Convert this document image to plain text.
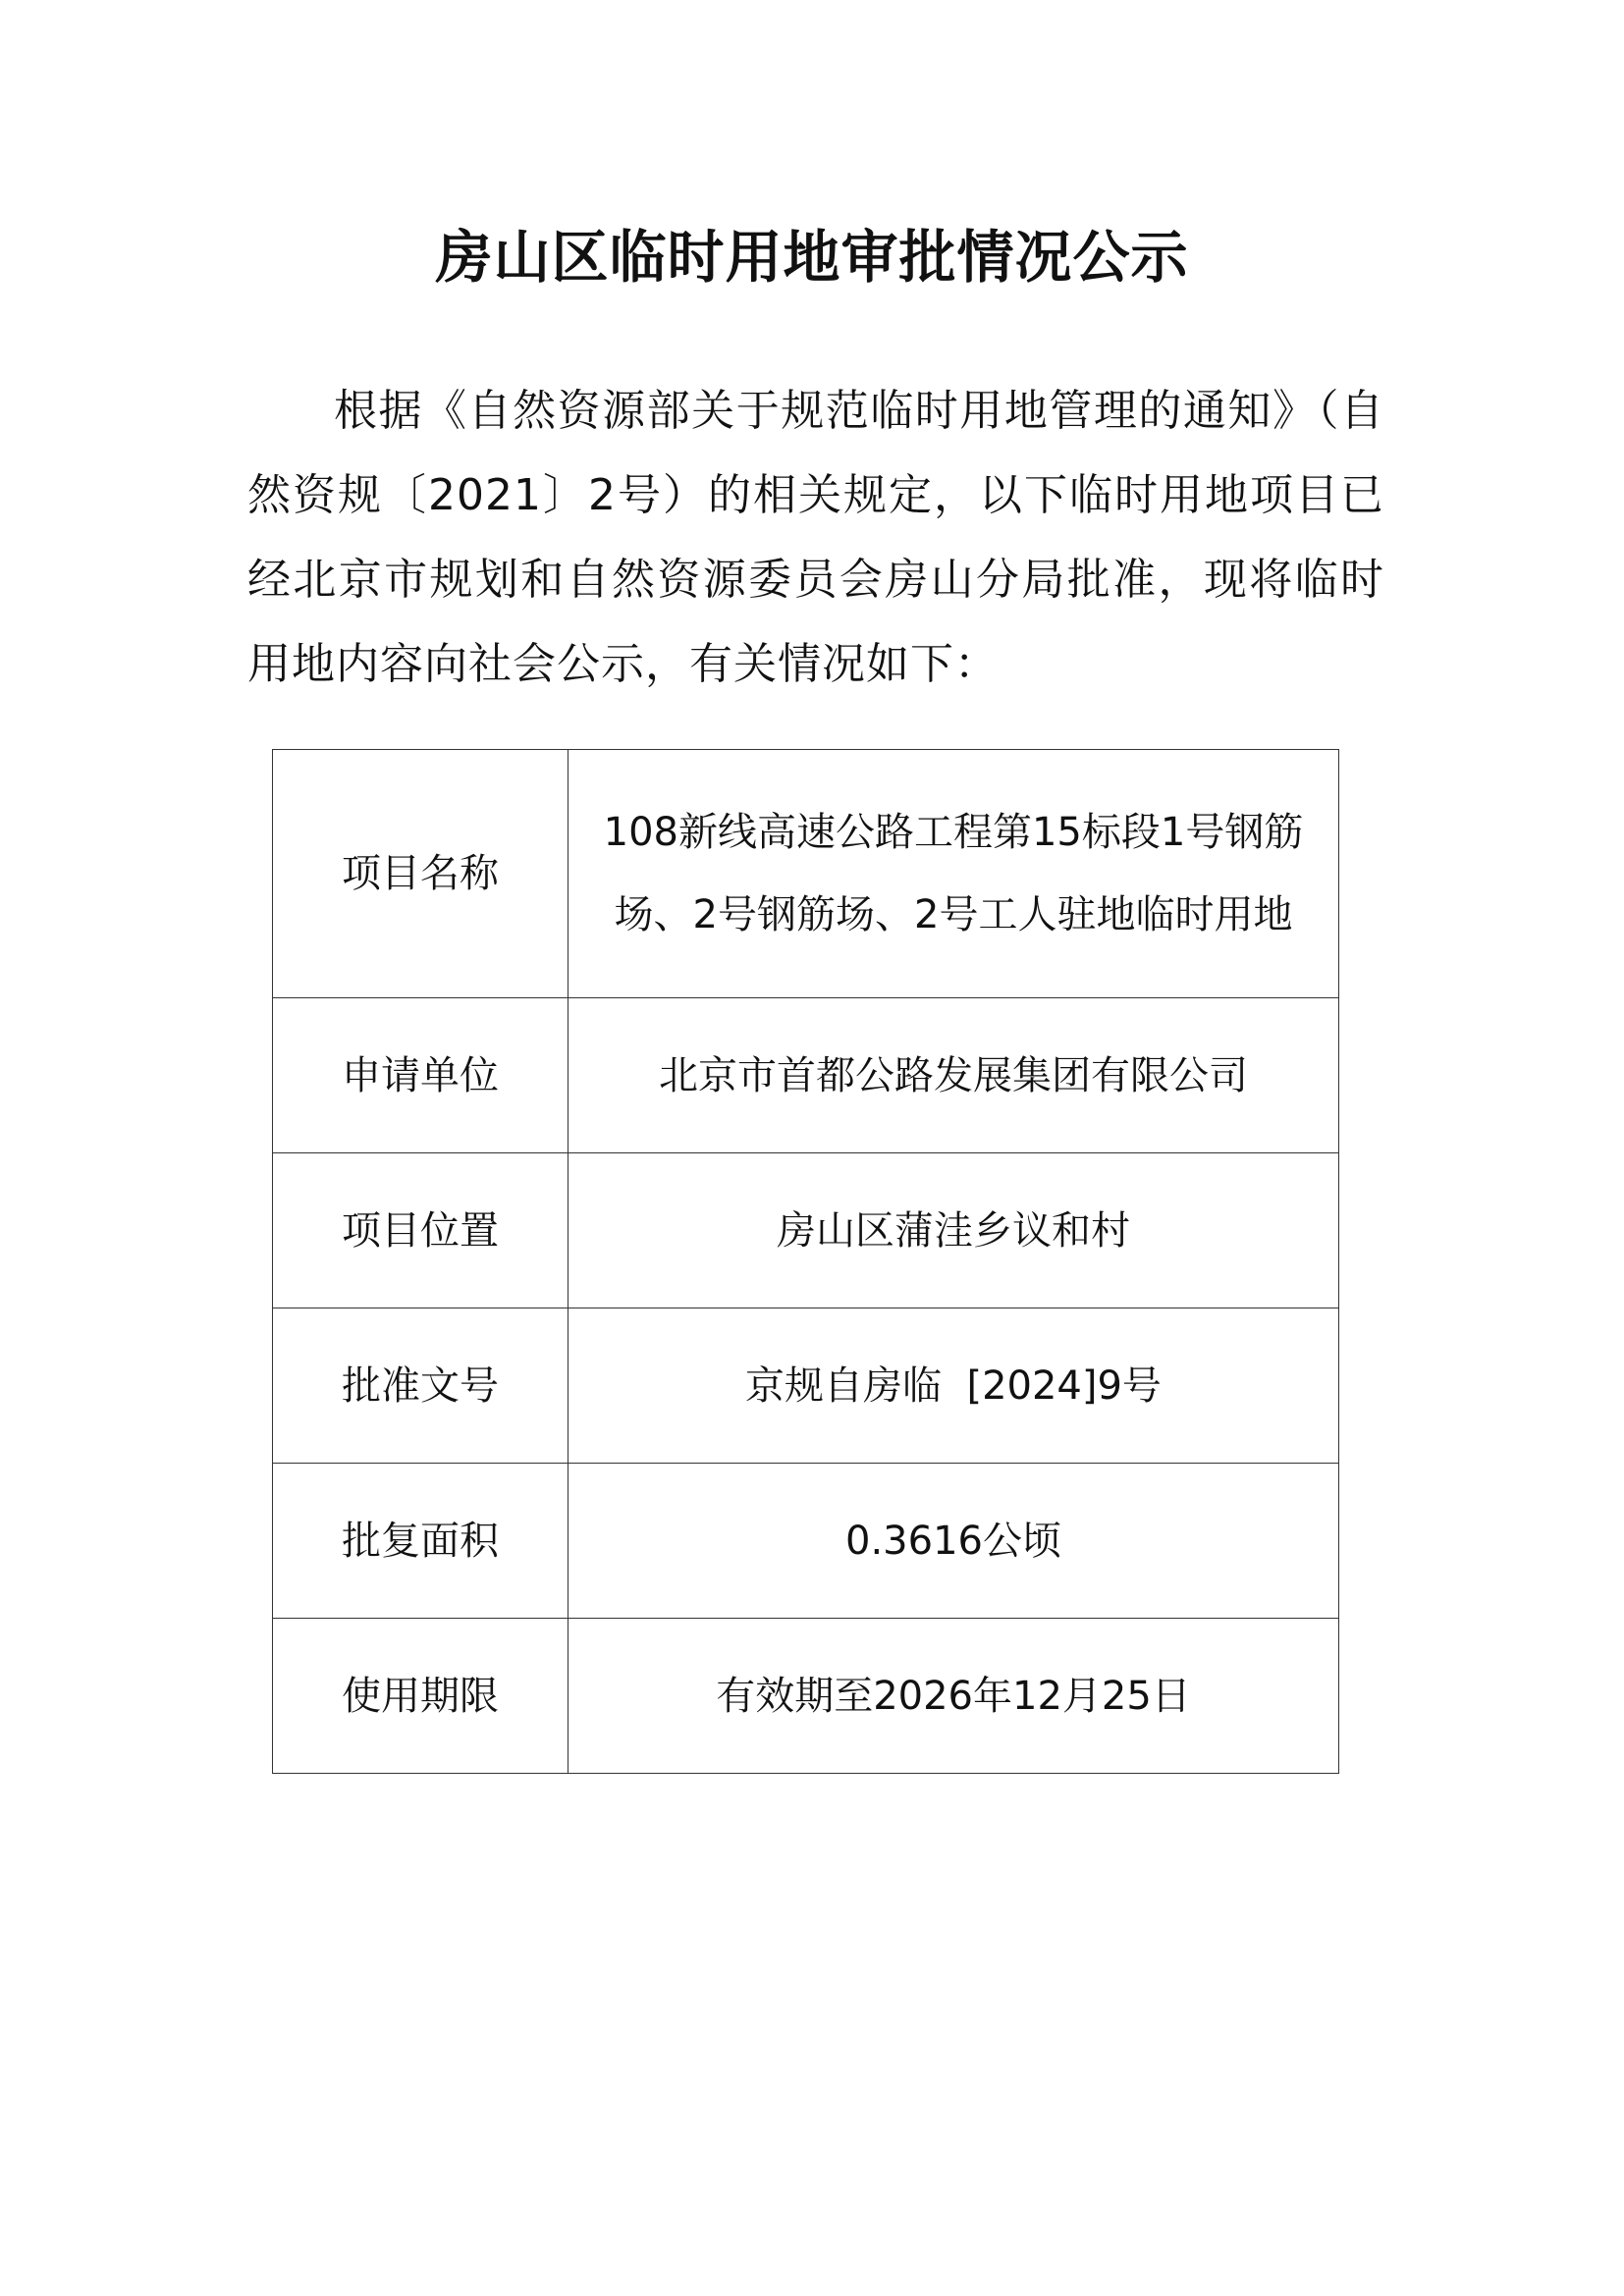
房山区临时用地审批情况公示

根据《自然资源部关于规范临时用地管理的通知》（自然资规〔2021〕2号）的相关规定，以下临时用地项目已经北京市规划和自然资源委员会房山分局批准，现将临时用地内容向社会公示，有关情况如下：

项目名称	108新线高速公路工程第15标段1号钢筋场、2号钢筋场、2号工人驻地临时用地
申请单位	北京市首都公路发展集团有限公司
项目位置	房山区蒲洼乡议和村
批准文号	京规自房临  [2024]9号
批复面积	0.3616公顷
使用期限	有效期至2026年12月25日
